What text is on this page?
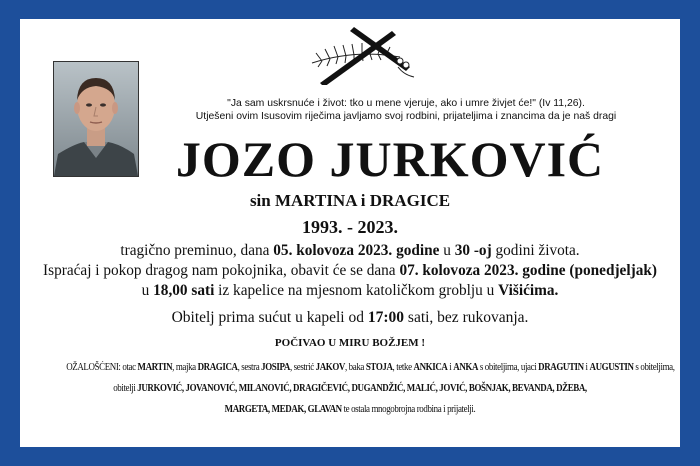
"Ja sam uskrsnuće i život: tko u mene vjeruje, ako i umre živjet će!" (Iv 11,26).
Utješeni ovim Isusovim riječima javljamo svoj rodbini, prijateljima i znancima da je naš dragi
JOZO JURKOVIĆ
sin MARTINA i DRAGICE
1993. - 2023.
tragično preminuo, dana 05. kolovoza 2023. godine u 30 -oj godini života.
Ispraćaj i pokop dragog nam pokojnika, obavit će se dana 07. kolovoza 2023. godine (ponedjeljak)
u 18,00 sati iz kapelice na mjesnom katoličkom groblju u Višićima.
Obitelj prima sućut u kapeli od 17:00 sati, bez rukovanja.
POČIVAO U MIRU BOŽJEM !
OŽALOŠĆENI: otac MARTIN, majka DRAGICA, sestra JOSIPA, sestrić JAKOV, baka STOJA, tetke ANKICA i ANKA s obiteljima, ujaci DRAGUTIN i AUGUSTIN s obiteljima,
obitelji JURKOVIĆ, JOVANOVIĆ, MILANOVIĆ, DRAGIČEVIĆ, DUGANDŽIĆ, MALIĆ, JOVIĆ, BOŠNJAK, BEVANDA, DŽEBA,
MARGETA, MEDAK, GLAVAN te ostala mnogobrojna rodbina i prijatelji.
